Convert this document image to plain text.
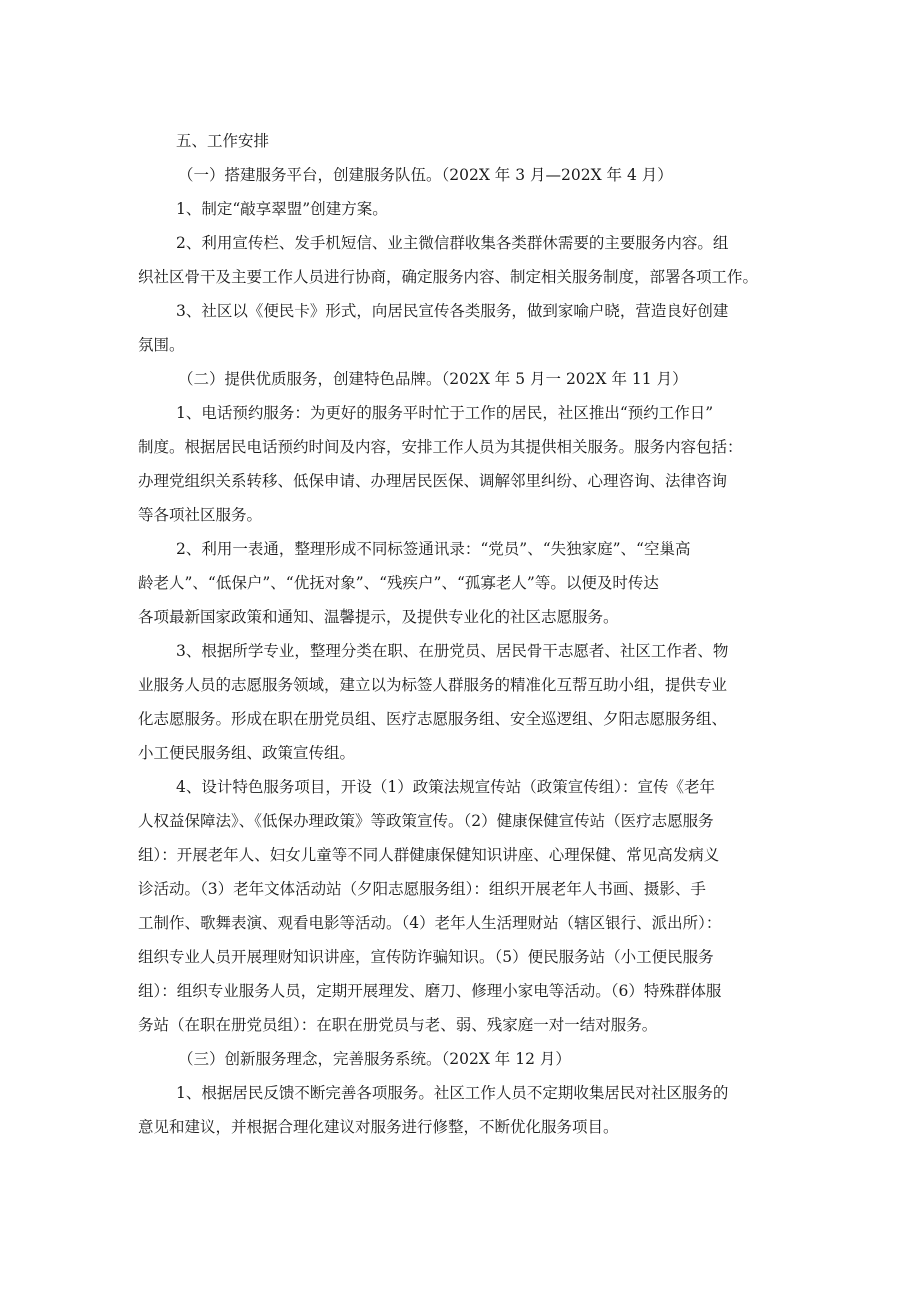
五、工作安排

（一）搭建服务平台，创建服务队伍。（202X 年 3 月—202X 年 4 月）

1、制定“敲享翠盟”创建方案。

2、利用宣传栏、发手机短信、业主微信群收集各类群休需要的主要服务内容。组

织社区骨干及主要工作人员进行协商，确定服务内容、制定相关服务制度，部署各项工作。

3、社区以《便民卡》形式，向居民宣传各类服务，做到家喻户晓，营造良好创建

氛围。

（二）提供优质服务，创建特色品牌。（202X 年 5 月一 202X 年 11 月）

1、电话预约服务：为更好的服务平时忙于工作的居民，社区推出“预约工作日”

制度。根据居民电话预约时间及内容，安排工作人员为其提供相关服务。服务内容包括：

办理党组织关系转移、低保申请、办理居民医保、调解邻里纠纷、心理咨询、法律咨询

等各项社区服务。

2、利用一表通，整理形成不同标签通讯录：“党员”、“失独家庭”、“空巢高

龄老人”、“低保户”、“优抚对象”、“残疾户”、“孤寡老人”等。以便及时传达

各项最新国家政策和通知、温馨提示，及提供专业化的社区志愿服务。

3、根据所学专业，整理分类在职、在册党员、居民骨干志愿者、社区工作者、物

业服务人员的志愿服务领域，建立以为标签人群服务的精准化互帮互助小组，提供专业

化志愿服务。形成在职在册党员组、医疗志愿服务组、安全巡逻组、夕阳志愿服务组、

小工便民服务组、政策宣传组。

4、设计特色服务项目，开设（1）政策法规宣传站（政策宣传组）：宣传《老年

人权益保障法》、《低保办理政策》等政策宣传。（2）健康保健宣传站（医疗志愿服务

组）：开展老年人、妇女儿童等不同人群健康保健知识讲座、心理保健、常见高发病义

诊活动。（3）老年文体活动站（夕阳志愿服务组）：组织开展老年人书画、摄影、手

工制作、歌舞表演、观看电影等活动。（4）老年人生活理财站（辖区银行、派出所）：

组织专业人员开展理财知识讲座，宣传防诈骗知识。（5）便民服务站（小工便民服务

组）：组织专业服务人员，定期开展理发、磨刀、修理小家电等活动。（6）特殊群体服

务站（在职在册党员组）：在职在册党员与老、弱、残家庭一对一结对服务。

（三）创新服务理念，完善服务系统。（202X 年 12 月）

1、根据居民反馈不断完善各项服务。社区工作人员不定期收集居民对社区服务的

意见和建议，并根据合理化建议对服务进行修整，不断优化服务项目。
